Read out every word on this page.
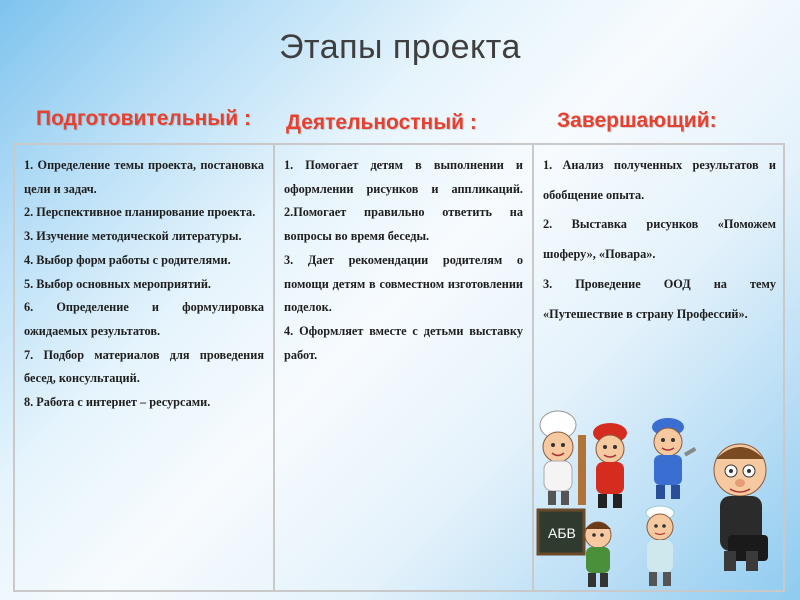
Этапы проекта
Подготовительный : Деятельностный :	Завершающий:
1. Определение темы проекта, постановка цели и задач.
2. Перспективное планирование проекта.
3. Изучение методической литературы.
4. Выбор форм работы с родителями.
5. Выбор основных мероприятий.
6. Определение и формулировка ожидаемых результатов.
7. Подбор материалов для проведения бесед, консультаций.
8. Работа с интернет – ресурсами.
1. Помогает детям в выполнении и оформлении рисунков и аппликаций. 2.Помогает правильно ответить на вопросы во время беседы.
3. Дает рекомендации родителям о помощи детям в совместном изготовлении поделок.
4. Оформляет вместе с детьми выставку работ.
1. Анализ полученных результатов и обобщение опыта.
2. Выставка рисунков «Поможем шоферу», «Повара».
3. Проведение ООД на тему «Путешествие в страну Профессий».
АБВ
